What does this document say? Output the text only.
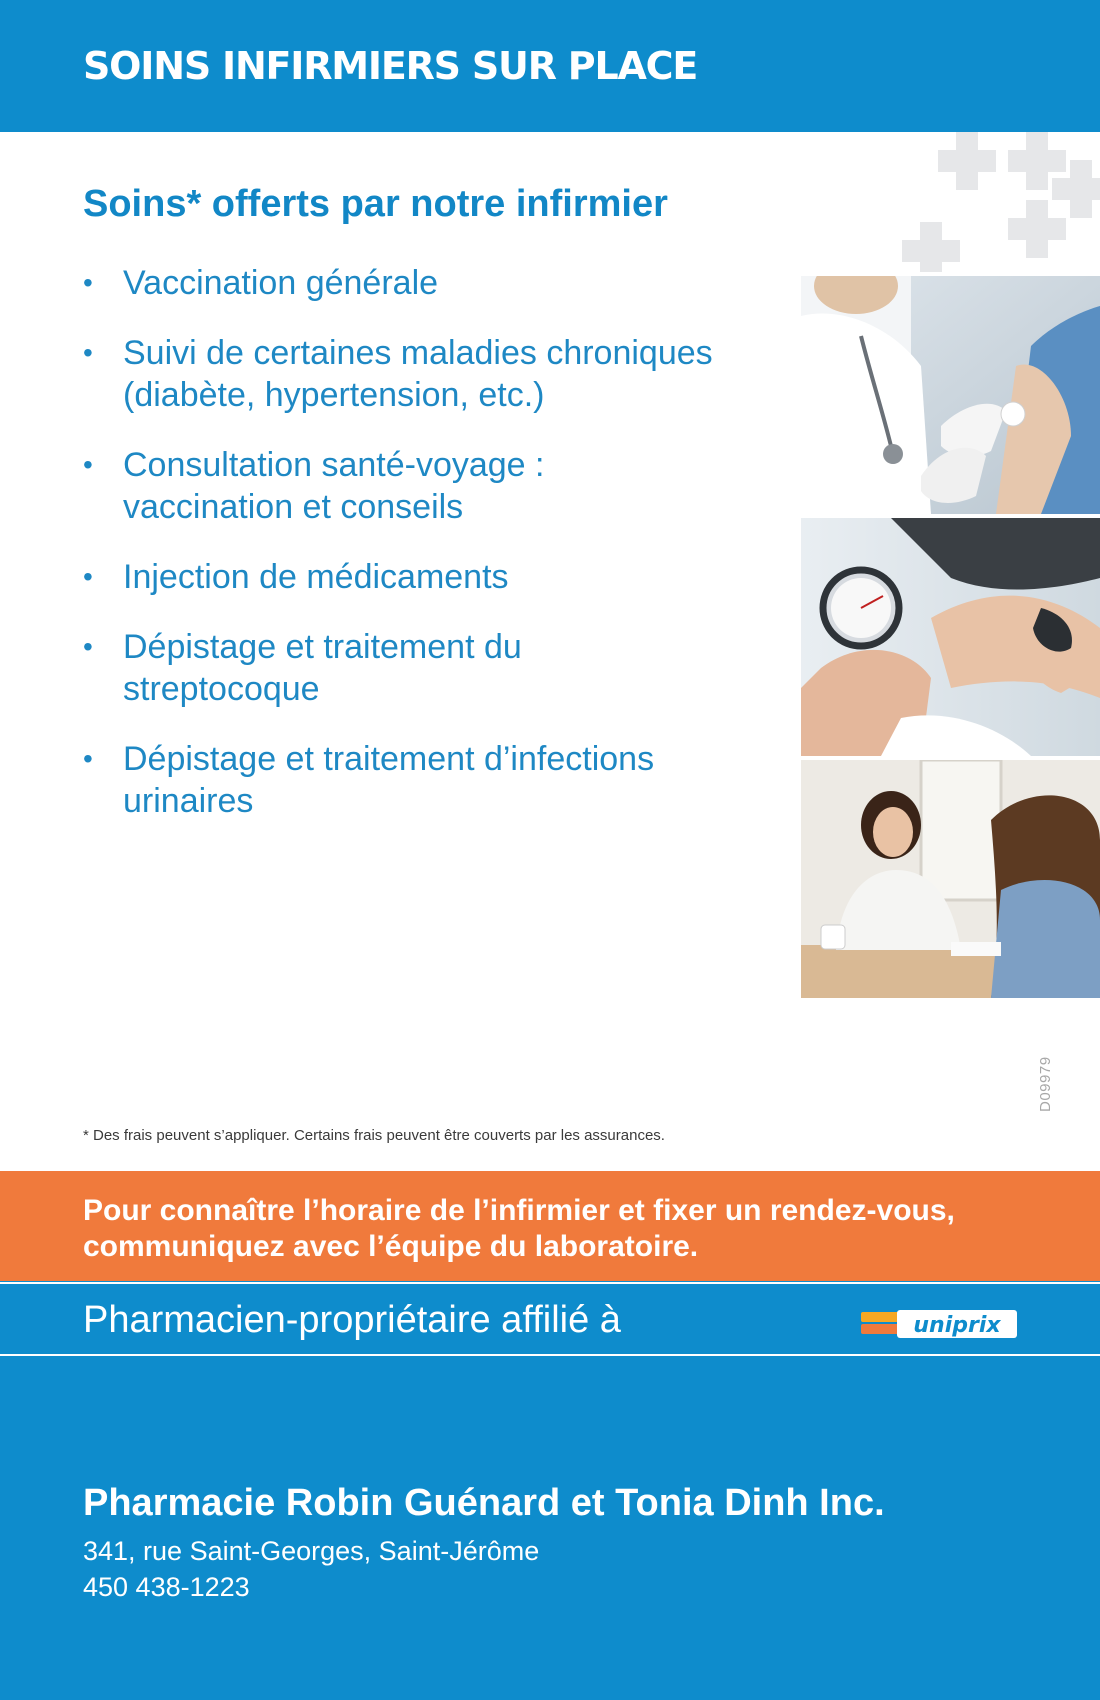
SOINS INFIRMIERS SUR PLACE
Soins* offerts par notre infirmier
• Vaccination générale
• Suivi de certaines maladies chroniques
(diabète, hypertension, etc.)
• Consultation santé-voyage :
vaccination et conseils
• Injection de médicaments
• Dépistage et traitement du
streptocoque
• Dépistage et traitement d’infections
urinaires

* Des frais peuvent s’appliquer. Certains frais peuvent être couverts par les assurances.

D09979

Pour connaître l’horaire de l’infirmier et fixer un rendez-vous,

communiquez avec l’équipe du laboratoire.

Pharmacien-propriétaire affilié à	uniprix
Pharmacie Robin Guénard et Tonia Dinh Inc.

341, rue Saint-Georges, Saint-Jérôme

450 438-1223
